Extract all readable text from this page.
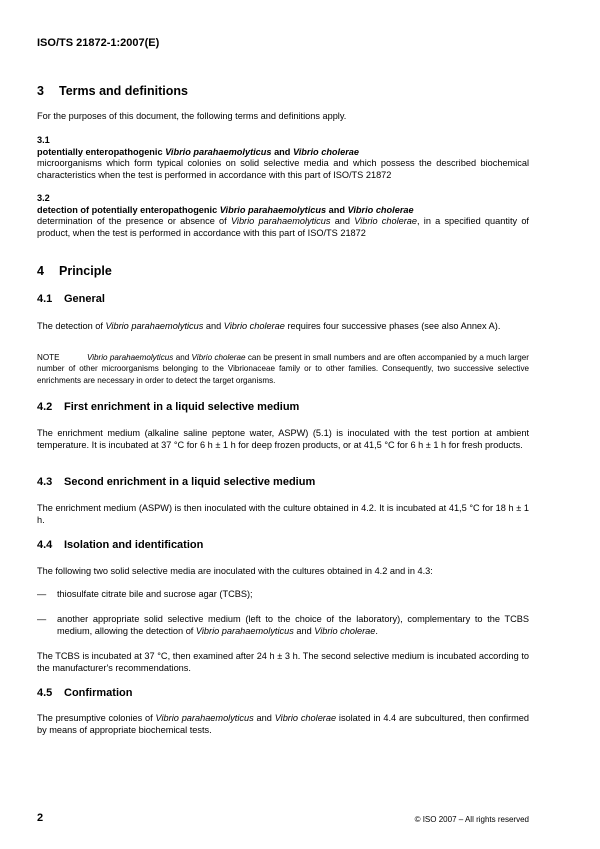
ISO/TS 21872-1:2007(E)
3 Terms and definitions
For the purposes of this document, the following terms and definitions apply.
3.1
potentially enteropathogenic Vibrio parahaemolyticus and Vibrio cholerae
microorganisms which form typical colonies on solid selective media and which possess the described biochemical characteristics when the test is performed in accordance with this part of ISO/TS 21872
3.2
detection of potentially enteropathogenic Vibrio parahaemolyticus and Vibrio cholerae
determination of the presence or absence of Vibrio parahaemolyticus and Vibrio cholerae, in a specified quantity of product, when the test is performed in accordance with this part of ISO/TS 21872
4 Principle
4.1 General
The detection of Vibrio parahaemolyticus and Vibrio cholerae requires four successive phases (see also Annex A).
NOTE	Vibrio parahaemolyticus and Vibrio cholerae can be present in small numbers and are often accompanied by a much larger number of other microorganisms belonging to the Vibrionaceae family or to other families. Consequently, two successive selective enrichments are necessary in order to detect the target organisms.
4.2 First enrichment in a liquid selective medium
The enrichment medium (alkaline saline peptone water, ASPW) (5.1) is inoculated with the test portion at ambient temperature. It is incubated at 37 °C for 6 h ± 1 h for deep frozen products, or at 41,5 °C for 6 h ± 1 h for fresh products.
4.3 Second enrichment in a liquid selective medium
The enrichment medium (ASPW) is then inoculated with the culture obtained in 4.2. It is incubated at 41,5 °C for 18 h ± 1 h.
4.4 Isolation and identification
The following two solid selective media are inoculated with the cultures obtained in 4.2 and in 4.3:
— thiosulfate citrate bile and sucrose agar (TCBS);
— another appropriate solid selective medium (left to the choice of the laboratory), complementary to the TCBS medium, allowing the detection of Vibrio parahaemolyticus and Vibrio cholerae.
The TCBS is incubated at 37 °C, then examined after 24 h ± 3 h. The second selective medium is incubated according to the manufacturer's recommendations.
4.5 Confirmation
The presumptive colonies of Vibrio parahaemolyticus and Vibrio cholerae isolated in 4.4 are subcultured, then confirmed by means of appropriate biochemical tests.
2	© ISO 2007 – All rights reserved
